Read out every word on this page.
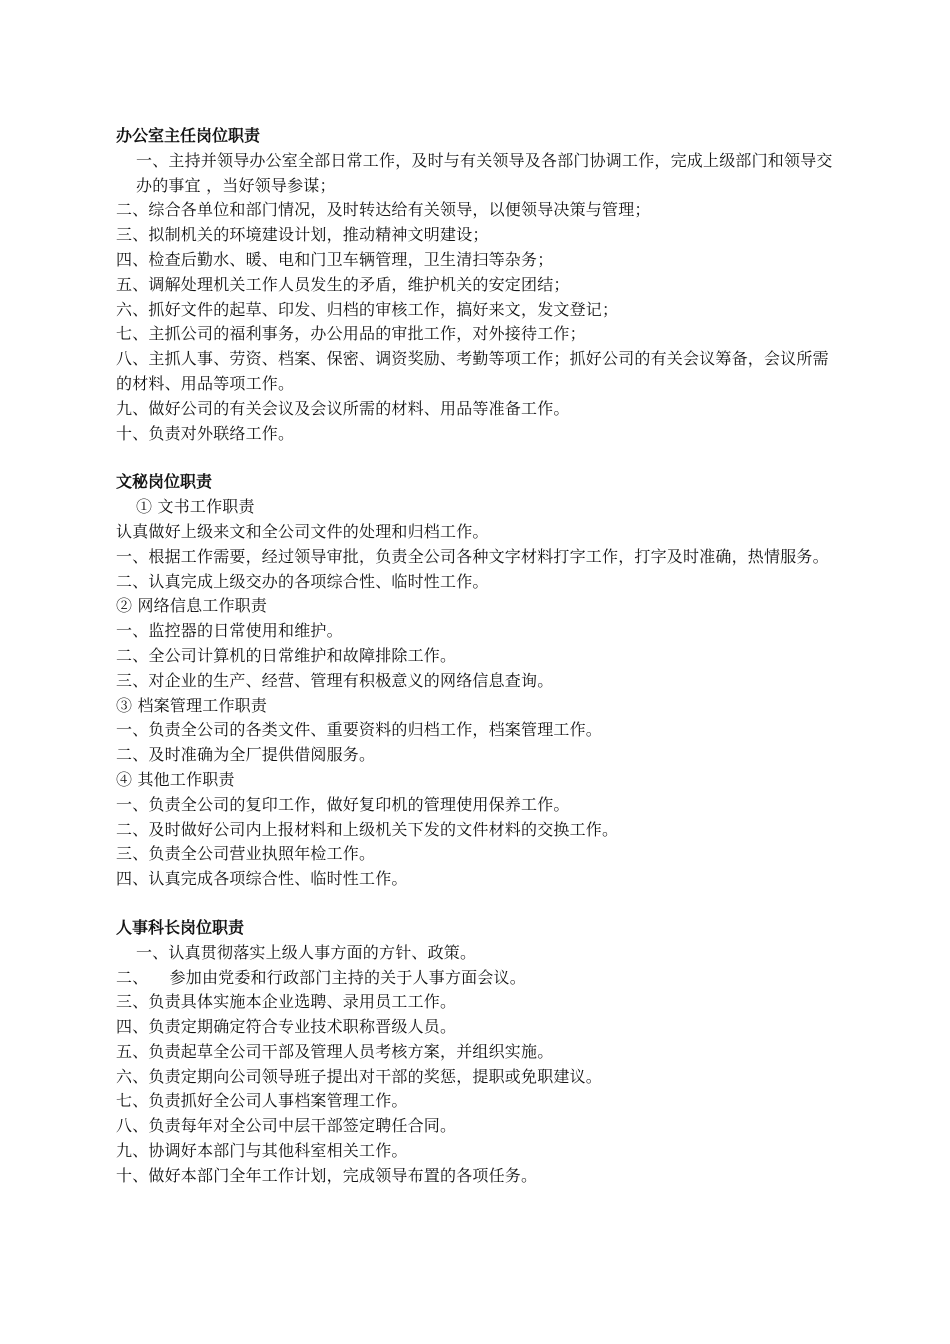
办公室主任岗位职责
一、主持并领导办公室全部日常工作，及时与有关领导及各部门协调工作，完成上级部门和领导交办的事宜 ，当好领导参谋；
二、综合各单位和部门情况，及时转达给有关领导，以便领导决策与管理；
三、拟制机关的环境建设计划，推动精神文明建设；
四、检查后勤水、暖、电和门卫车辆管理，卫生清扫等杂务；
五、调解处理机关工作人员发生的矛盾，维护机关的安定团结；
六、抓好文件的起草、印发、归档的审核工作，搞好来文，发文登记；
七、主抓公司的福利事务，办公用品的审批工作，对外接待工作；
八、主抓人事、劳资、档案、保密、调资奖励、考勤等项工作；抓好公司的有关会议筹备，会议所需的材料、用品等项工作。
九、做好公司的有关会议及会议所需的材料、用品等准备工作。
十、负责对外联络工作。
文秘岗位职责
① 文书工作职责
认真做好上级来文和全公司文件的处理和归档工作。
一、根据工作需要，经过领导审批，负责全公司各种文字材料打字工作，打字及时准确，热情服务。
二、认真完成上级交办的各项综合性、临时性工作。
② 网络信息工作职责
一、监控器的日常使用和维护。
二、全公司计算机的日常维护和故障排除工作。
三、对企业的生产、经营、管理有积极意义的网络信息查询。
③ 档案管理工作职责
一、负责全公司的各类文件、重要资料的归档工作，档案管理工作。
二、及时准确为全厂提供借阅服务。
④ 其他工作职责
一、负责全公司的复印工作，做好复印机的管理使用保养工作。
二、及时做好公司内上报材料和上级机关下发的文件材料的交换工作。
三、负责全公司营业执照年检工作。
四、认真完成各项综合性、临时性工作。
人事科长岗位职责
一、认真贯彻落实上级人事方面的方针、政策。
二、    参加由党委和行政部门主持的关于人事方面会议。
三、负责具体实施本企业选聘、录用员工工作。
四、负责定期确定符合专业技术职称晋级人员。
五、负责起草全公司干部及管理人员考核方案，并组织实施。
六、负责定期向公司领导班子提出对干部的奖惩，提职或免职建议。
七、负责抓好全公司人事档案管理工作。
八、负责每年对全公司中层干部签定聘任合同。
九、协调好本部门与其他科室相关工作。
十、做好本部门全年工作计划，完成领导布置的各项任务。
